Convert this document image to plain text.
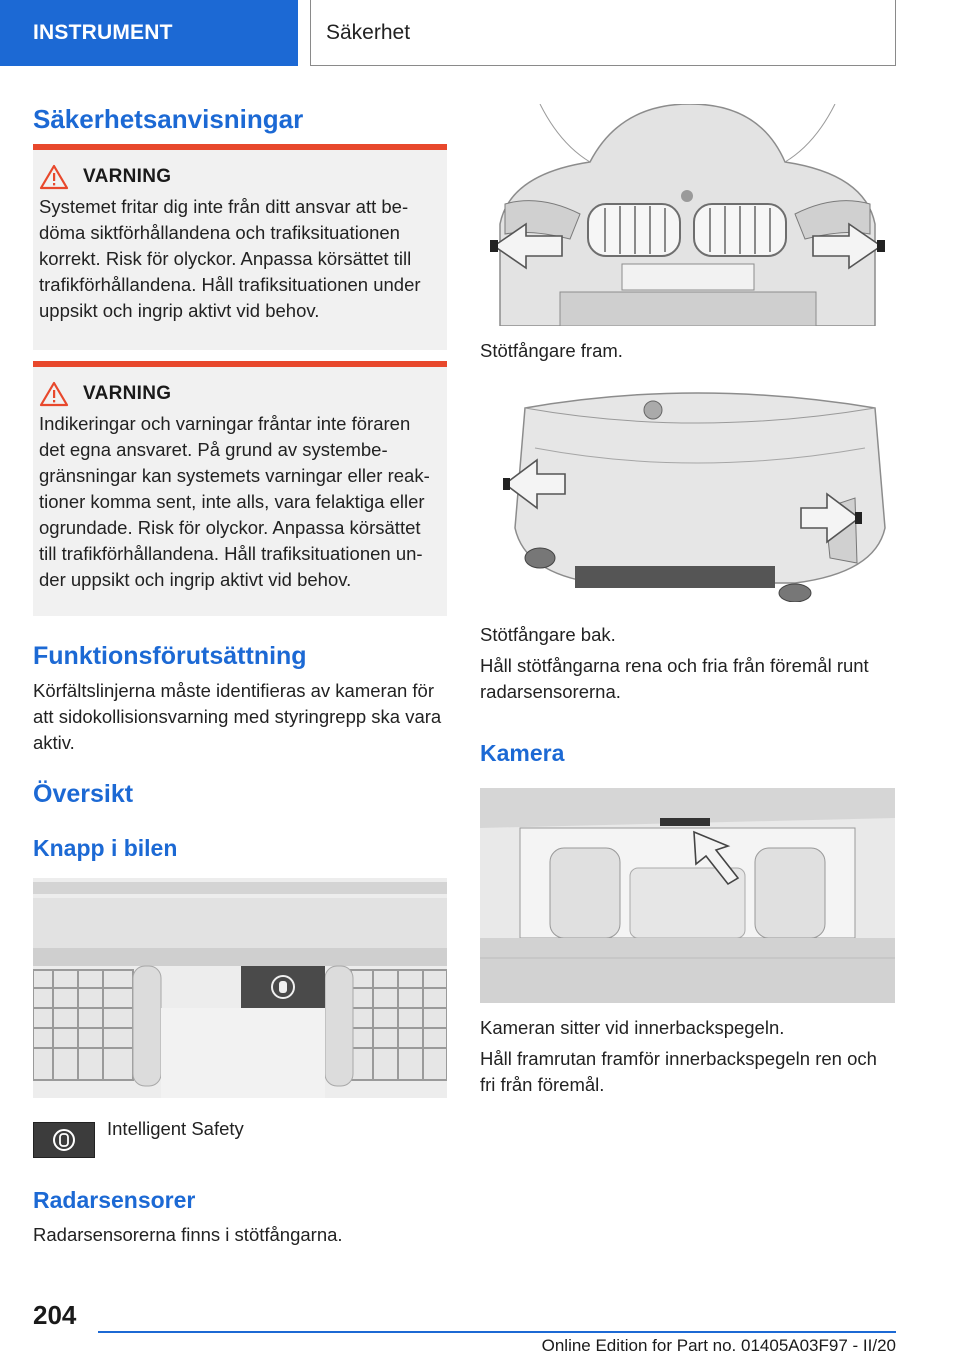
INSTRUMENT	Säkerhet
Säkerhetsanvisningar
VARNING

Systemet fritar dig inte från ditt ansvar att be- döma siktförhållandena och trafiksituationen korrekt. Risk för olyckor. Anpassa körsättet till trafikförhållandena. Håll trafiksituationen under uppsikt och ingrip aktivt vid behov.

VARNING

Indikeringar och varningar fråntar inte föraren det egna ansvaret. På grund av systembe- gränsningar kan systemets varningar eller reak- tioner komma sent, inte alls, vara felaktiga eller ogrundade. Risk för olyckor. Anpassa körsättet till trafikförhållandena. Håll trafiksituationen un- der uppsikt och ingrip aktivt vid behov.

Funktionsförutsättning

Körfältslinjerna måste identifieras av kameran för att sidokollisionsvarning med styringrepp ska vara aktiv.

Översikt
Knapp i bilen
Intelligent Safety
Radarsensorer

Radarsensorerna finns i stötfångarna.

Stötfångare fram.
Stötfångare bak.

Håll stötfångarna rena och fria från föremål runt radarsensorerna.

Kamera
Kameran sitter vid innerbackspegeln.

Håll framrutan framför innerbackspegeln ren och fri från föremål.

204
Online Edition for Part no. 01405A03F97 - II/20
